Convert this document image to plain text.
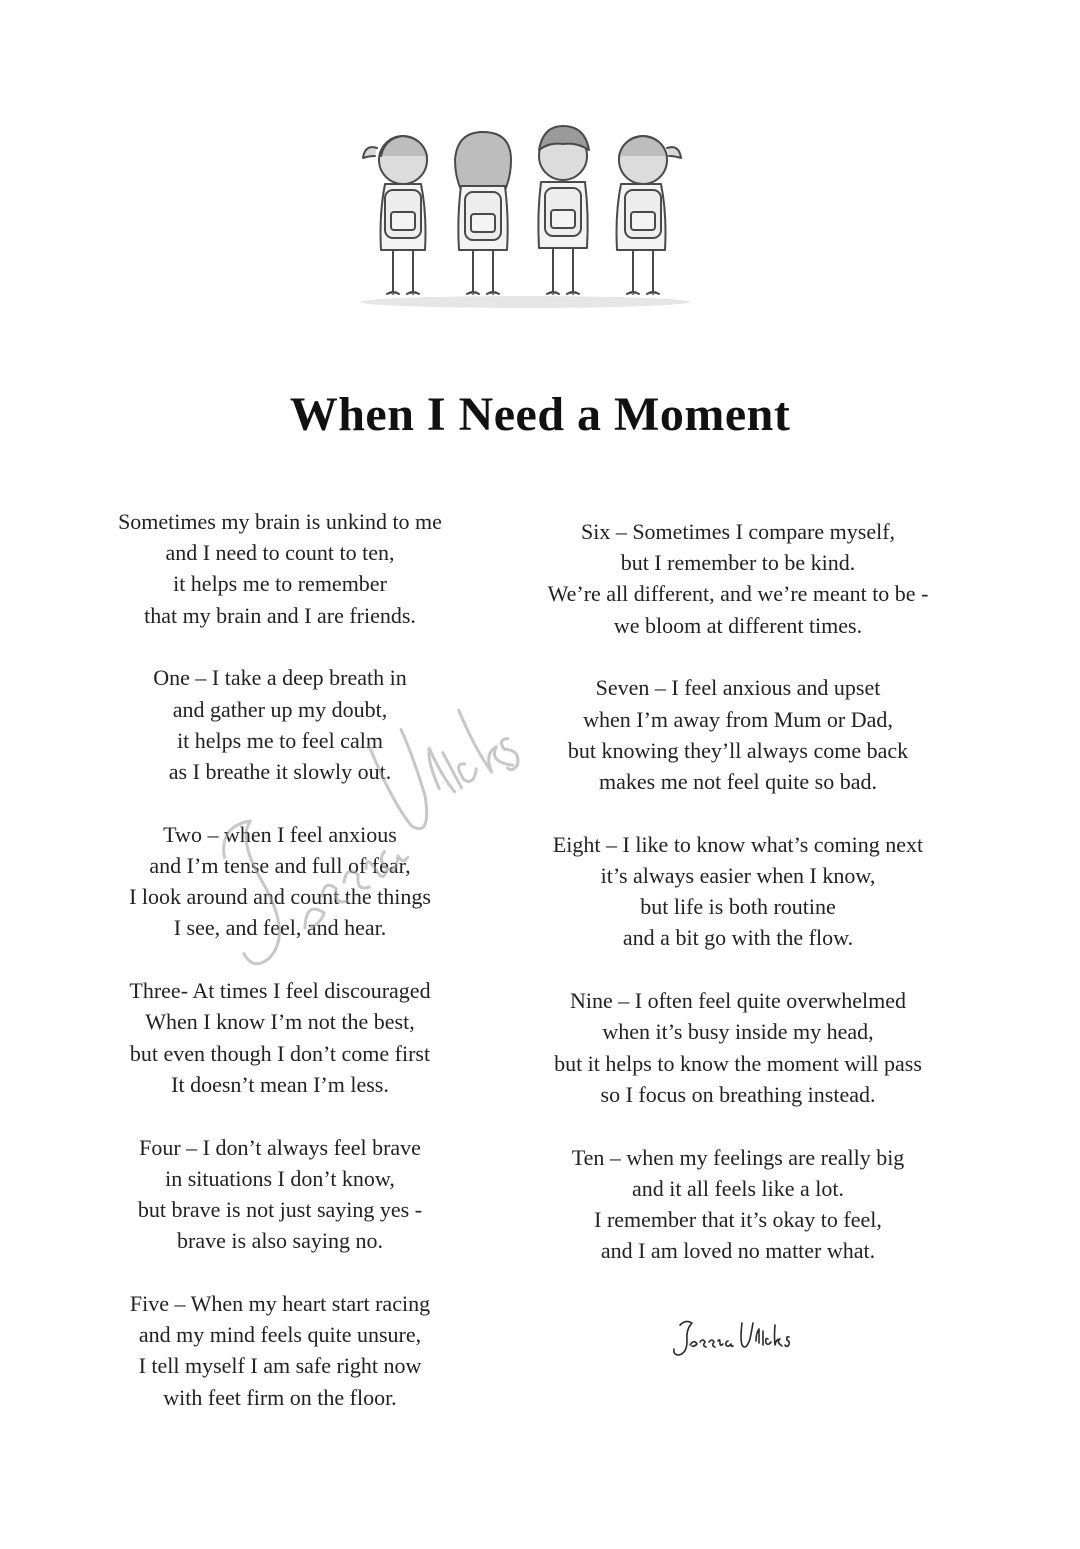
When I Need a Moment
Sometimes my brain is unkind to me
and I need to count to ten,
it helps me to remember
that my brain and I are friends.
One – I take a deep breath in
and gather up my doubt,
it helps me to feel calm
as I breathe it slowly out.
Two – when I feel anxious
and I’m tense and full of fear,
I look around and count the things
I see, and feel, and hear.
Three- At times I feel discouraged
When I know I’m not the best,
but even though I don’t come first
It doesn’t mean I’m less.
Four – I don’t always feel brave
in situations I don’t know,
but brave is not just saying yes -
brave is also saying no.
Five – When my heart start racing
and my mind feels quite unsure,
I tell myself I am safe right now
with feet firm on the floor.
Six – Sometimes I compare myself,
but I remember to be kind.
We’re all different, and we’re meant to be -
we bloom at different times.
Seven – I feel anxious and upset
when I’m away from Mum or Dad,
but knowing they’ll always come back
makes me not feel quite so bad.
Eight – I like to know what’s coming next
it’s always easier when I know,
but life is both routine
and a bit go with the flow.
Nine – I often feel quite overwhelmed
when it’s busy inside my head,
but it helps to know the moment will pass
so I focus on breathing instead.
Ten – when my feelings are really big
and it all feels like a lot.
I remember that it’s okay to feel,
and I am loved no matter what.
